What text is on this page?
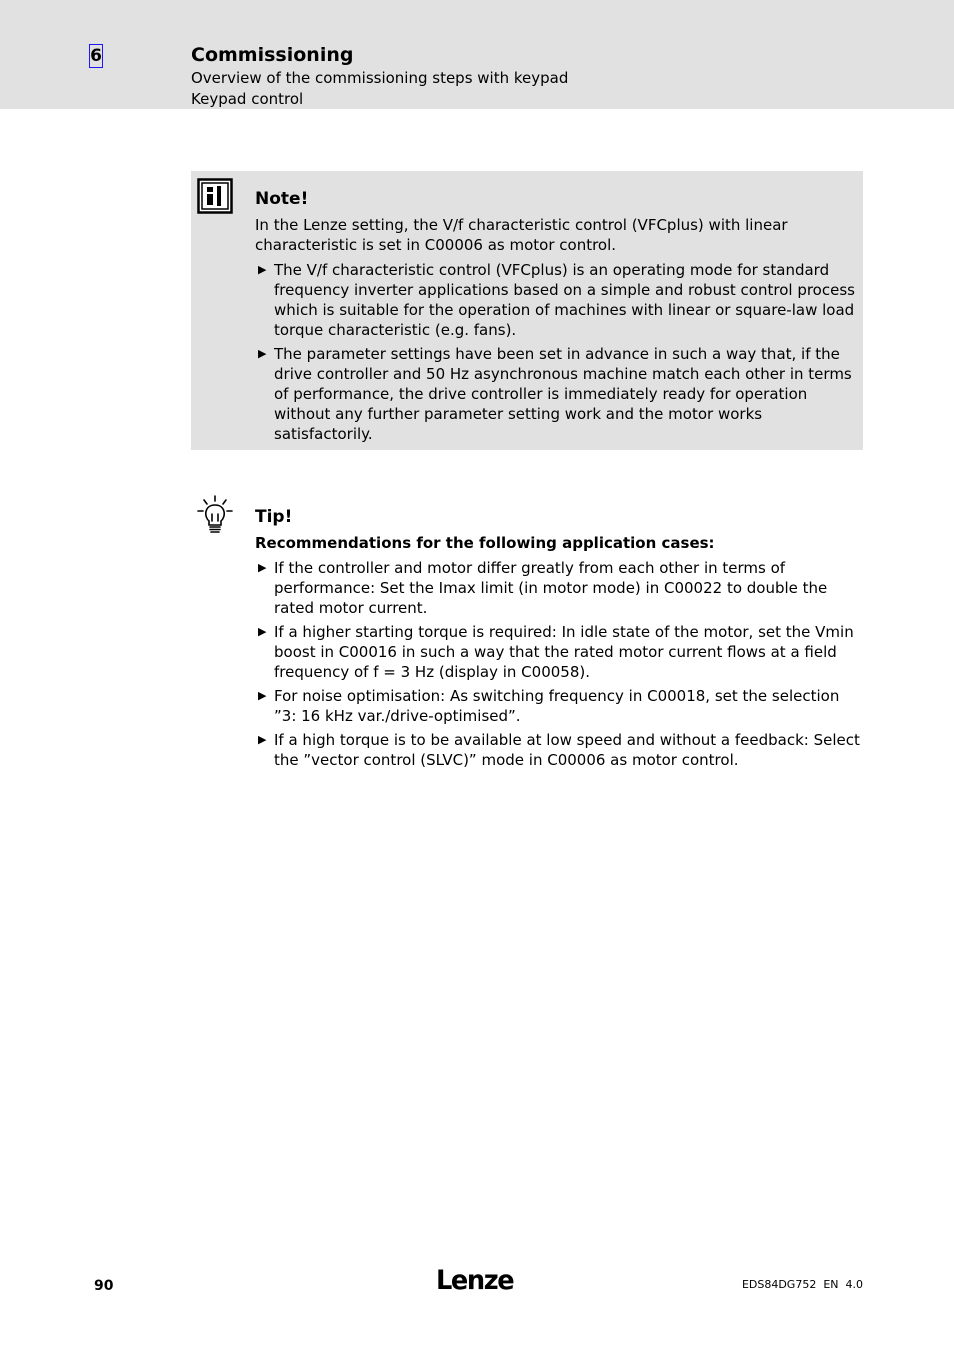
6	Commissioning
Overview of the commissioning steps with keypad
Keypad control
Note!
In the Lenze setting, the V/f characteristic control (VFCplus) with linear characteristic is set in C00006 as motor control.
▶ The V/f characteristic control (VFCplus) is an operating mode for standard frequency inverter applications based on a simple and robust control process which is suitable for the operation of machines with linear or square-law load torque characteristic (e.g. fans).
▶ The parameter settings have been set in advance in such a way that, if the drive controller and 50 Hz asynchronous machine match each other in terms of performance, the drive controller is immediately ready for operation without any further parameter setting work and the motor works satisfactorily.
Tip!
Recommendations for the following application cases:
▶ If the controller and motor differ greatly from each other in terms of performance: Set the Imax limit (in motor mode) in C00022 to double the rated motor current.
▶ If a higher starting torque is required: In idle state of the motor, set the Vmin boost in C00016 in such a way that the rated motor current flows at a field frequency of f = 3 Hz (display in C00058).
▶ For noise optimisation: As switching frequency in C00018, set the selection ”3: 16 kHz var./drive-optimised”.
▶ If a high torque is to be available at low speed and without a feedback: Select the ”vector control (SLVC)” mode in C00006 as motor control.
90	Lenze	EDS84DG752  EN  4.0
